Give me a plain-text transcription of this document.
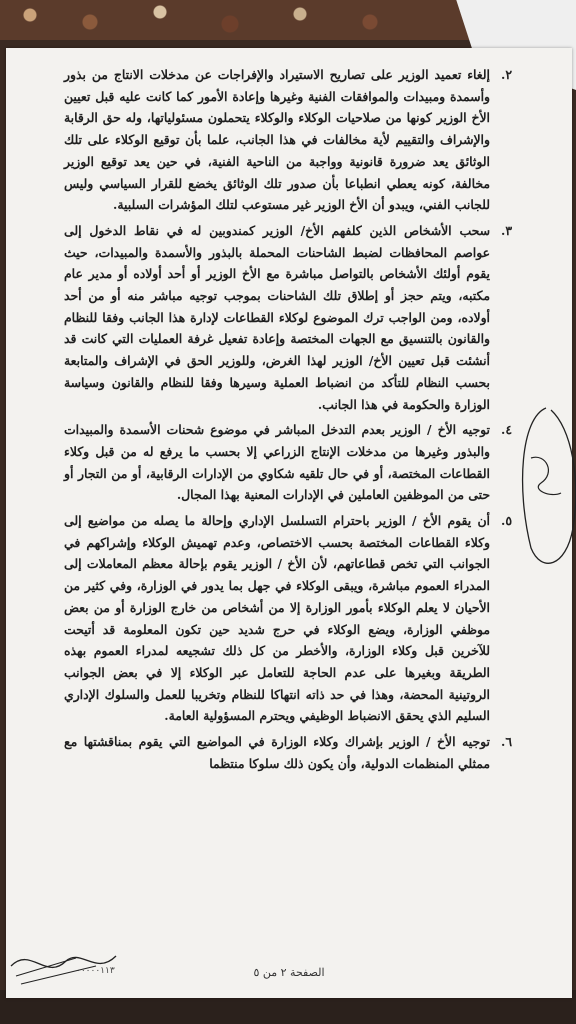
٢.
إلغاء تعميد الوزير على تصاريح الاستيراد والإفراجات عن مدخلات الانتاج من بذور وأسمدة ومبيدات والموافقات الفنية وغيرها وإعادة الأمور كما كانت عليه قبل تعيين الأخ الوزير كونها من صلاحيات الوكلاء والوكلاء يتحملون مسئولياتها، وله حق الرقابة والإشراف والتقييم لأية مخالفات في هذا الجانب، علما بأن توقيع الوكلاء على تلك الوثائق يعد ضرورة قانونية وواجبة من الناحية الفنية، في حين يعد توقيع الوزير مخالفة، كونه يعطي انطباعا بأن صدور تلك الوثائق يخضع للقرار السياسي وليس للجانب الفني، ويبدو أن الأخ الوزير غير مستوعب لتلك المؤشرات السلبية.
٣.
سحب الأشخاص الذين كلفهم الأخ/ الوزير كمندوبين له في نقاط الدخول إلى عواصم المحافظات لضبط الشاحنات المحملة بالبذور والأسمدة والمبيدات، حيث يقوم أولئك الأشخاص بالتواصل مباشرة مع الأخ الوزير أو أحد أولاده أو مدير عام مكتبه، ويتم حجز أو إطلاق تلك الشاحنات بموجب توجيه مباشر منه أو من أحد أولاده، ومن الواجب ترك الموضوع لوكلاء القطاعات لإدارة هذا الجانب وفقا للنظام والقانون بالتنسيق مع الجهات المختصة وإعادة تفعيل غرفة العمليات التي كانت قد أنشئت قبل تعيين الأخ/ الوزير لهذا الغرض، وللوزير الحق في الإشراف والمتابعة بحسب النظام للتأكد من انضباط العملية وسيرها وفقا للنظام والقانون وسياسة الوزارة والحكومة في هذا الجانب.
٤.
توجيه الأخ / الوزير بعدم التدخل المباشر في موضوع شحنات الأسمدة والمبيدات والبذور وغيرها من مدخلات الإنتاج الزراعي إلا بحسب ما يرفع له من قبل وكلاء القطاعات المختصة، أو في حال تلقيه شكاوي من الإدارات الرقابية، أو من التجار أو حتى من الموظفين العاملين في الإدارات المعنية بهذا المجال.
٥.
أن يقوم الأخ / الوزير باحترام التسلسل الإداري وإحالة ما يصله من مواضيع إلى وكلاء القطاعات المختصة بحسب الاختصاص، وعدم تهميش الوكلاء وإشراكهم في الجوانب التي تخص قطاعاتهم، لأن الأخ / الوزير يقوم بإحالة معظم المعاملات إلى المدراء العموم مباشرة، ويبقى الوكلاء في جهل بما يدور في الوزارة، وفي كثير من الأحيان لا يعلم الوكلاء بأمور الوزارة إلا من أشخاص من خارج الوزارة أو من بعض موظفي الوزارة، ويضع الوكلاء في حرج شديد حين تكون المعلومة قد أتيحت للآخرين قبل وكلاء الوزارة، والأخطر من كل ذلك تشجيعه لمدراء العموم بهذه الطريقة وبغيرها على عدم الحاجة للتعامل عبر الوكلاء إلا في بعض الجوانب الروتينية المحضة، وهذا في حد ذاته انتهاكا للنظام وتخريبا للعمل والسلوك الإداري السليم الذي يحقق الانضباط الوظيفي ويحترم المسؤولية العامة.
٦.
توجيه الأخ / الوزير بإشراك وكلاء الوزارة في المواضيع التي يقوم بمناقشتها مع ممثلي المنظمات الدولية، وأن يكون ذلك سلوكا منتظما
الصفحة ٢ من ٥
٠٠٠٠٠١١٣
